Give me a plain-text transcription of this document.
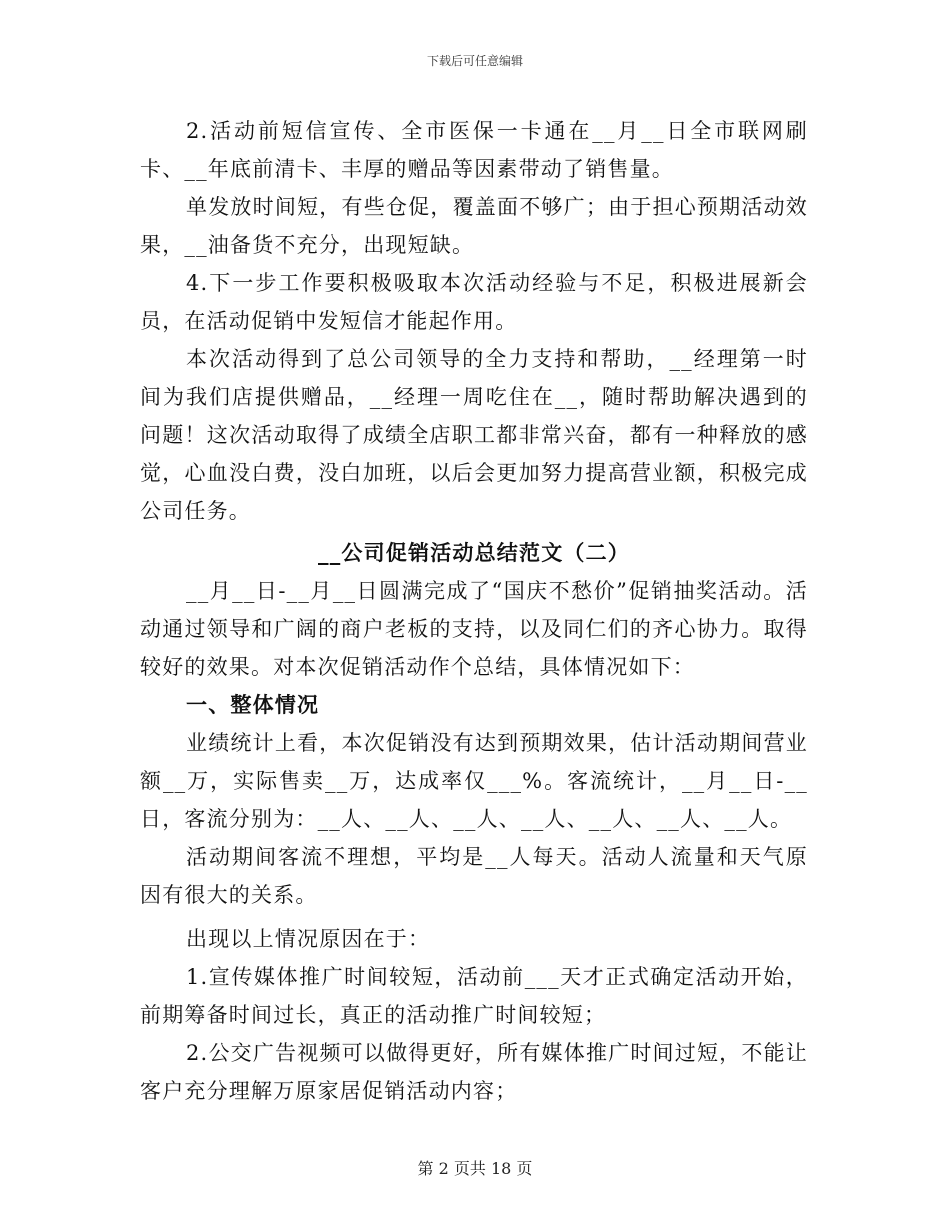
下载后可任意编辑

2.活动前短信宣传、全市医保一卡通在__月__日全市联网刷卡、__年底前清卡、丰厚的赠品等因素带动了销售量。

单发放时间短，有些仓促，覆盖面不够广；由于担心预期活动效果，__油备货不充分，出现短缺。

4.下一步工作要积极吸取本次活动经验与不足，积极进展新会员，在活动促销中发短信才能起作用。

本次活动得到了总公司领导的全力支持和帮助，__经理第一时间为我们店提供赠品，__经理一周吃住在__，随时帮助解决遇到的问题！这次活动取得了成绩全店职工都非常兴奋，都有一种释放的感觉，心血没白费，没白加班，以后会更加努力提高营业额，积极完成公司任务。

__公司促销活动总结范文（二）

__月__日-__月__日圆满完成了“国庆不愁价”促销抽奖活动。活动通过领导和广阔的商户老板的支持，以及同仁们的齐心协力。取得较好的效果。对本次促销活动作个总结，具体情况如下：

一、整体情况

业绩统计上看，本次促销没有达到预期效果，估计活动期间营业额__万，实际售卖__万，达成率仅___%。客流统计，__月__日-__日，客流分别为：__人、__人、__人、__人、__人、__人、__人。

活动期间客流不理想，平均是__人每天。活动人流量和天气原因有很大的关系。

出现以上情况原因在于：

1.宣传媒体推广时间较短，活动前___天才正式确定活动开始，前期筹备时间过长，真正的活动推广时间较短；

2.公交广告视频可以做得更好，所有媒体推广时间过短，不能让客户充分理解万原家居促销活动内容；

第 2 页共 18 页
